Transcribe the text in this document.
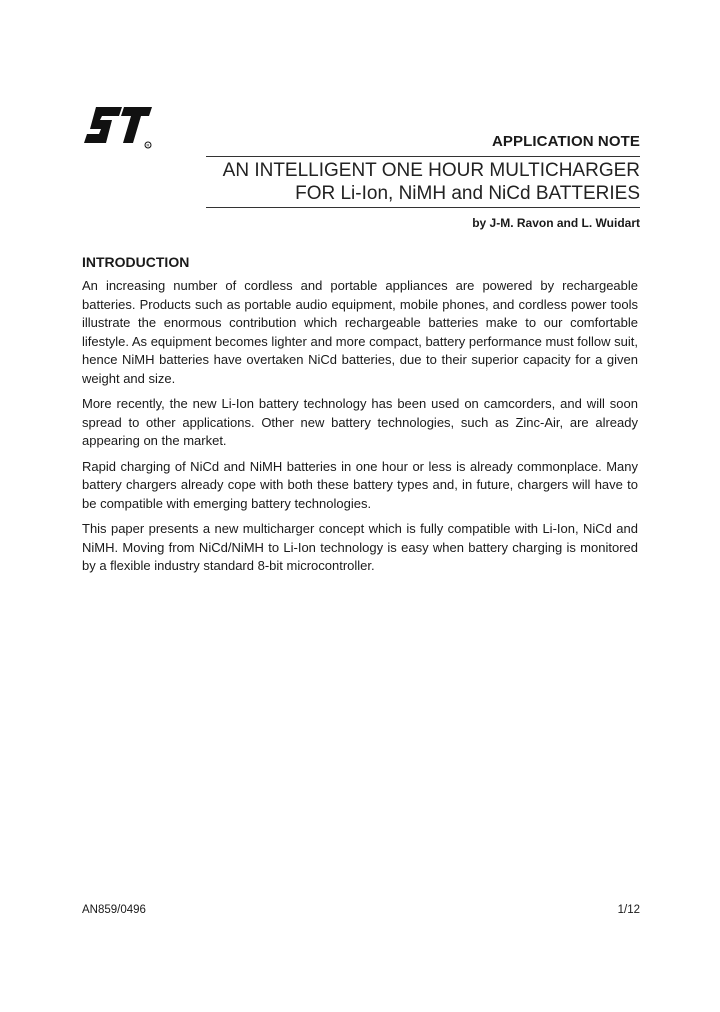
R	APPLICATION NOTE
AN INTELLIGENT ONE HOUR MULTICHARGER
FOR Li-Ion, NiMH and NiCd BATTERIES
by J-M. Ravon and L. Wuidart
INTRODUCTION

An increasing number of cordless and portable appliances are powered by rechargeable batteries. Products such as portable audio equipment, mobile phones, and cordless power tools illustrate the enormous contribution which rechargeable batteries make to our comfortable lifestyle. As equipment becomes lighter and more compact, battery performance must follow suit, hence NiMH batteries have overtaken NiCd batteries, due to their superior capacity for a given weight and size.

More recently, the new Li-Ion battery technology has been used on camcorders, and will soon spread to other applications. Other new battery technologies, such as Zinc-Air, are already appearing on the market.

Rapid charging of NiCd and NiMH batteries in one hour or less is already commonplace. Many battery chargers already cope with both these battery types and, in future, chargers will have to be compatible with emerging battery technologies.

This paper presents a new multicharger concept which is fully compatible with Li-Ion, NiCd and NiMH. Moving from NiCd/NiMH to Li-Ion technology is easy when battery charging is monitored by a flexible industry standard 8-bit microcontroller.

AN859/0496	1/12
